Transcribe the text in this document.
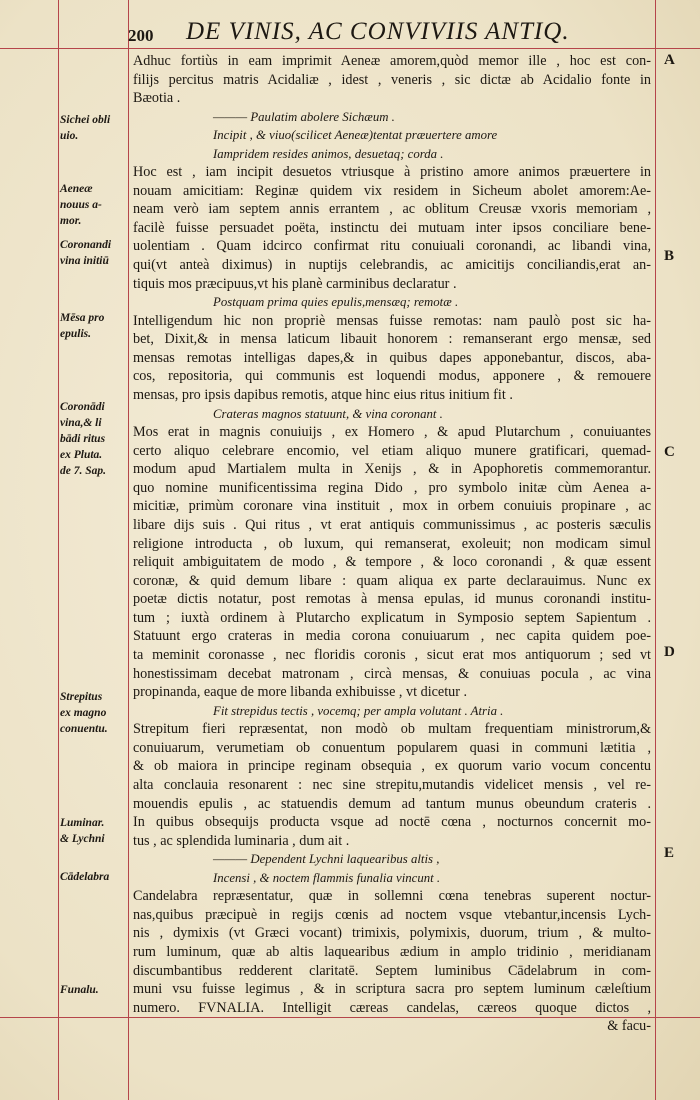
200 DE VINIS, AC CONVIVIIS ANTIQ.
Sichei obli
uio.
Aeneæ
nouus a-
mor.
Coronandi
vina initiū
Mēsa pro
epulis.
Coronādi
vina,& li
bādi ritus
ex Pluta.
de 7. Sap.
Strepitus
ex magno
conuentu.
Luminar.
& Lychni
Cādelabra
Funalu.
A
B
C
D
E

Adhuc fortiùs in eam imprimit Aeneæ amorem,quòd memor ille , hoc est con-
filijs percitus matris Acidaliæ , idest , veneris , sic dictæ ab Acidalio fonte in
Bæotia .

——— Paulatim abolere Sichæum .
Incipit , & viuo(scilicet Aeneæ)tentat præuertere amore
Iampridem resides animos, desuetaq; corda .

Hoc est , iam incipit desuetos vtriusque à pristino amore animos præuertere in
nouam amicitiam: Reginæ quidem vix residem in Sicheum abolet amorem:Ae-
neam verò iam septem annis errantem , ac oblitum Creusæ vxoris memoriam ,
facilè fuisse persuadet poëta, instinctu dei mutuam inter ipsos conciliare bene-
uolentiam . Quam idcirco confirmat ritu conuiuali coronandi, ac libandi vina,
qui(vt anteà diximus) in nuptijs celebrandis, ac amicitijs conciliandis,erat an-
tiquis mos præcipuus,vt his planè carminibus declaratur .

Postquam prima quies epulis,mensæq; remotæ .

Intelligendum hic non propriè mensas fuisse remotas: nam paulò post sic ha-
bet, Dixit,& in mensa laticum libauit honorem : remanserant ergo mensæ, sed
mensas remotas intelligas dapes,& in quibus dapes apponebantur, discos, aba-
cos, repositoria, qui communis est loquendi modus, apponere , & remouere
mensas, pro ipsis dapibus remotis, atque hinc eius ritus initium fit .

Crateras magnos statuunt, & vina coronant .

Mos erat in magnis conuiuijs , ex Homero , & apud Plutarchum , conuiuantes
certo aliquo celebrare encomio, vel etiam aliquo munere gratificari, quemad-
modum apud Martialem multa in Xenijs , & in Apophoretis commemorantur.
quo nomine munificentissima regina Dido , pro symbolo initæ cùm Aenea a-
micitiæ, primùm coronare vina instituit , mox in orbem conuiuis propinare , ac
libare dijs suis . Qui ritus , vt erat antiquis communissimus , ac posteris sæculis
religione introducta , ob luxum, qui remanserat, exoleuit; non modicam simul
reliquit ambiguitatem de modo , & tempore , & loco coronandi , & quæ essent
coronæ, & quid demum libare : quam aliqua ex parte declarauimus. Nunc ex
poetæ dictis notatur, post remotas à mensa epulas, id munus coronandi institu-
tum ; iuxtà ordinem à Plutarcho explicatum in Symposio septem Sapientum .
Statuunt ergo crateras in media corona conuiuarum , nec capita quidem poe-
ta meminit coronasse , nec floridis coronis , sicut erat mos antiquorum ; sed vt
honestissimam decebat matronam , circà mensas, & conuiuas pocula , ac vina
propinanda, eaque de more libanda exhibuisse , vt dicetur .

Fit strepidus tectis , vocemq; per ampla volutant . Atria .

Strepitum fieri repræsentat, non modò ob multam frequentiam ministrorum,&
conuiuarum, verumetiam ob conuentum popularem quasi in communi lætitia ,
& ob maiora in principe reginam obsequia , ex quorum vario vocum concentu
alta conclauia resonarent : nec sine strepitu,mutandis videlicet mensis , vel re-
mouendis epulis , ac statuendis demum ad tantum munus obeundum crateris .
In quibus obsequijs producta vsque ad noctē cœna , nocturnos concernit mo-
tus , ac splendida luminaria , dum ait .

——— Dependent Lychni laquearibus altis ,
Incensi , & noctem flammis funalia vincunt .

Candelabra repræsentatur, quæ in sollemni cœna tenebras superent noctur-
nas,quibus præcipuè in regijs cœnis ad noctem vsque vtebantur,incensis Lych-
nis , dymixis (vt Græci vocant) trimixis, polymixis, duorum, trium , & multo-
rum luminum, quæ ab altis laquearibus ædium in amplo tridinio , meridianam
discumbantibus redderent claritatē. Septem luminibus Cādelabrum in com-
muni vsu fuisse legimus , & in scriptura sacra pro septem luminum cæleſtium
numero. FVNALIA. Intelligit cæreas candelas, cæreos quoque dictos ,
& facu-
